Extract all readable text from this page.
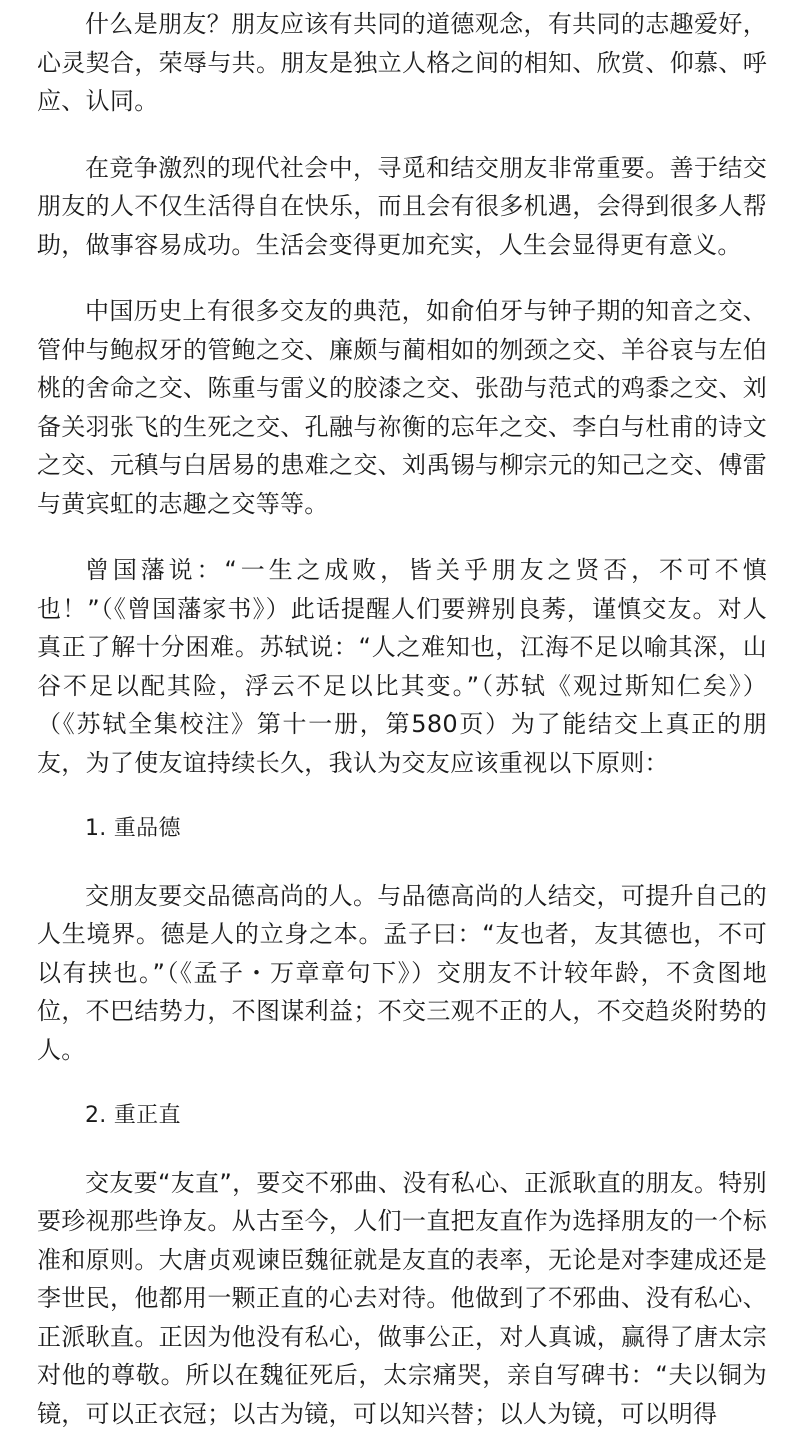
什么是朋友？朋友应该有共同的道德观念，有共同的志趣爱好，心灵契合，荣辱与共。朋友是独立人格之间的相知、欣赏、仰慕、呼应、认同。

在竞争激烈的现代社会中，寻觅和结交朋友非常重要。善于结交朋友的人不仅生活得自在快乐，而且会有很多机遇，会得到很多人帮助，做事容易成功。生活会变得更加充实，人生会显得更有意义。

中国历史上有很多交友的典范，如俞伯牙与钟子期的知音之交、管仲与鲍叔牙的管鲍之交、廉颇与蔺相如的刎颈之交、羊谷哀与左伯桃的舍命之交、陈重与雷义的胶漆之交、张劭与范式的鸡黍之交、刘备关羽张飞的生死之交、孔融与祢衡的忘年之交、李白与杜甫的诗文之交、元稹与白居易的患难之交、刘禹锡与柳宗元的知己之交、傅雷与黄宾虹的志趣之交等等。

曾国藩说：“一生之成败，皆关乎朋友之贤否，不可不慎也！”（《曾国藩家书》）此话提醒人们要辨别良莠，谨慎交友。对人真正了解十分困难。苏轼说：“人之难知也，江海不足以喻其深，山谷不足以配其险，浮云不足以比其变。”（苏轼《观过斯知仁矣》）（《苏轼全集校注》第十一册，第580页）为了能结交上真正的朋友，为了使友谊持续长久，我认为交友应该重视以下原则：

1. 重品德

交朋友要交品德高尚的人。与品德高尚的人结交，可提升自己的人生境界。德是人的立身之本。孟子曰：“友也者，友其德也，不可以有挟也。”（《孟子・万章章句下》）交朋友不计较年龄，不贪图地位，不巴结势力，不图谋利益；不交三观不正的人，不交趋炎附势的人。

2. 重正直

交友要“友直”，要交不邪曲、没有私心、正派耿直的朋友。特别要珍视那些诤友。从古至今，人们一直把友直作为选择朋友的一个标准和原则。大唐贞观谏臣魏征就是友直的表率，无论是对李建成还是李世民，他都用一颗正直的心去对待。他做到了不邪曲、没有私心、正派耿直。正因为他没有私心，做事公正，对人真诚，赢得了唐太宗对他的尊敬。所以在魏征死后，太宗痛哭，亲自写碑书：“夫以铜为镜，可以正衣冠；以古为镜，可以知兴替；以人为镜，可以明得
